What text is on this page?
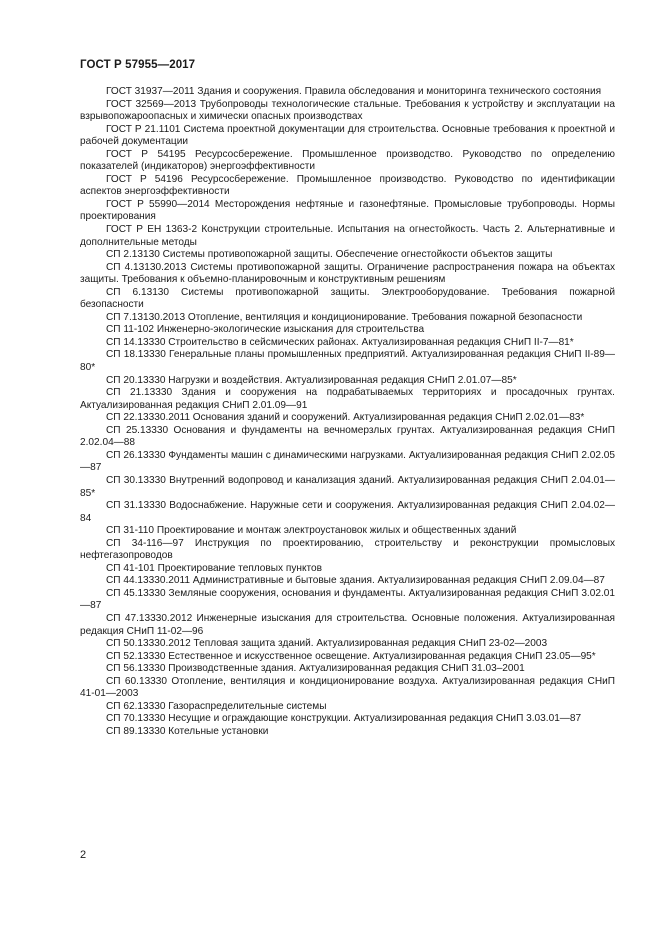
ГОСТ Р 57955—2017

ГОСТ 31937—2011 Здания и сооружения. Правила обследования и мониторинга технического состояния

ГОСТ 32569—2013 Трубопроводы технологические стальные. Требования к устройству и эксплуатации на взрывопожароопасных и химически опасных производствах

ГОСТ Р 21.1101 Система проектной документации для строительства. Основные требования к проектной и рабочей документации

ГОСТ Р 54195 Ресурсосбережение. Промышленное производство. Руководство по определению показателей (индикаторов) энергоэффективности

ГОСТ Р 54196 Ресурсосбережение. Промышленное производство. Руководство по идентификации аспектов энергоэффективности

ГОСТ Р 55990—2014 Месторождения нефтяные и газонефтяные. Промысловые трубопроводы. Нормы проектирования

ГОСТ Р ЕН 1363-2 Конструкции строительные. Испытания на огнестойкость. Часть 2. Альтернативные и дополнительные методы

СП 2.13130 Системы противопожарной защиты. Обеспечение огнестойкости объектов защиты

СП 4.13130.2013 Системы противопожарной защиты. Ограничение распространения пожара на объектах защиты. Требования к объемно-планировочным и конструктивным решениям

СП 6.13130 Системы противопожарной защиты. Электрооборудование. Требования пожарной безопасности

СП 7.13130.2013 Отопление, вентиляция и кондиционирование. Требования пожарной безопасности

СП 11-102 Инженерно-экологические изыскания для строительства

СП 14.13330 Строительство в сейсмических районах. Актуализированная редакция СНиП II-7—81*

СП 18.13330 Генеральные планы промышленных предприятий. Актуализированная редакция СНиП II-89—80*

СП 20.13330 Нагрузки и воздействия. Актуализированная редакция СНиП 2.01.07—85*

СП 21.13330 Здания и сооружения на подрабатываемых территориях и просадочных грунтах. Актуализированная редакция СНиП 2.01.09—91

СП 22.13330.2011 Основания зданий и сооружений. Актуализированная редакция СНиП 2.02.01—83*

СП 25.13330 Основания и фундаменты на вечномерзлых грунтах. Актуализированная редакция СНиП 2.02.04—88

СП 26.13330 Фундаменты машин с динамическими нагрузками. Актуализированная редакция СНиП 2.02.05—87

СП 30.13330 Внутренний водопровод и канализация зданий. Актуализированная редакция СНиП 2.04.01—85*

СП 31.13330 Водоснабжение. Наружные сети и сооружения. Актуализированная редакция СНиП 2.04.02—84

СП 31-110 Проектирование и монтаж электроустановок жилых и общественных зданий

СП 34-116—97 Инструкция по проектированию, строительству и реконструкции промысловых нефтегазопроводов

СП 41-101 Проектирование тепловых пунктов

СП 44.13330.2011 Административные и бытовые здания. Актуализированная редакция СНиП 2.09.04—87

СП 45.13330 Земляные сооружения, основания и фундаменты. Актуализированная редакция СНиП 3.02.01—87

СП 47.13330.2012 Инженерные изыскания для строительства. Основные положения. Актуализированная редакция СНиП 11-02—96

СП 50.13330.2012 Тепловая защита зданий. Актуализированная редакция СНиП 23-02—2003

СП 52.13330 Естественное и искусственное освещение. Актуализированная редакция СНиП 23.05—95*

СП 56.13330 Производственные здания. Актуализированная редакция СНиП 31.03–2001

СП 60.13330 Отопление, вентиляция и кондиционирование воздуха. Актуализированная редакция СНиП 41-01—2003

СП 62.13330 Газораспределительные системы

СП 70.13330 Несущие и ограждающие конструкции. Актуализированная редакция СНиП 3.03.01—87

СП 89.13330 Котельные установки

2
